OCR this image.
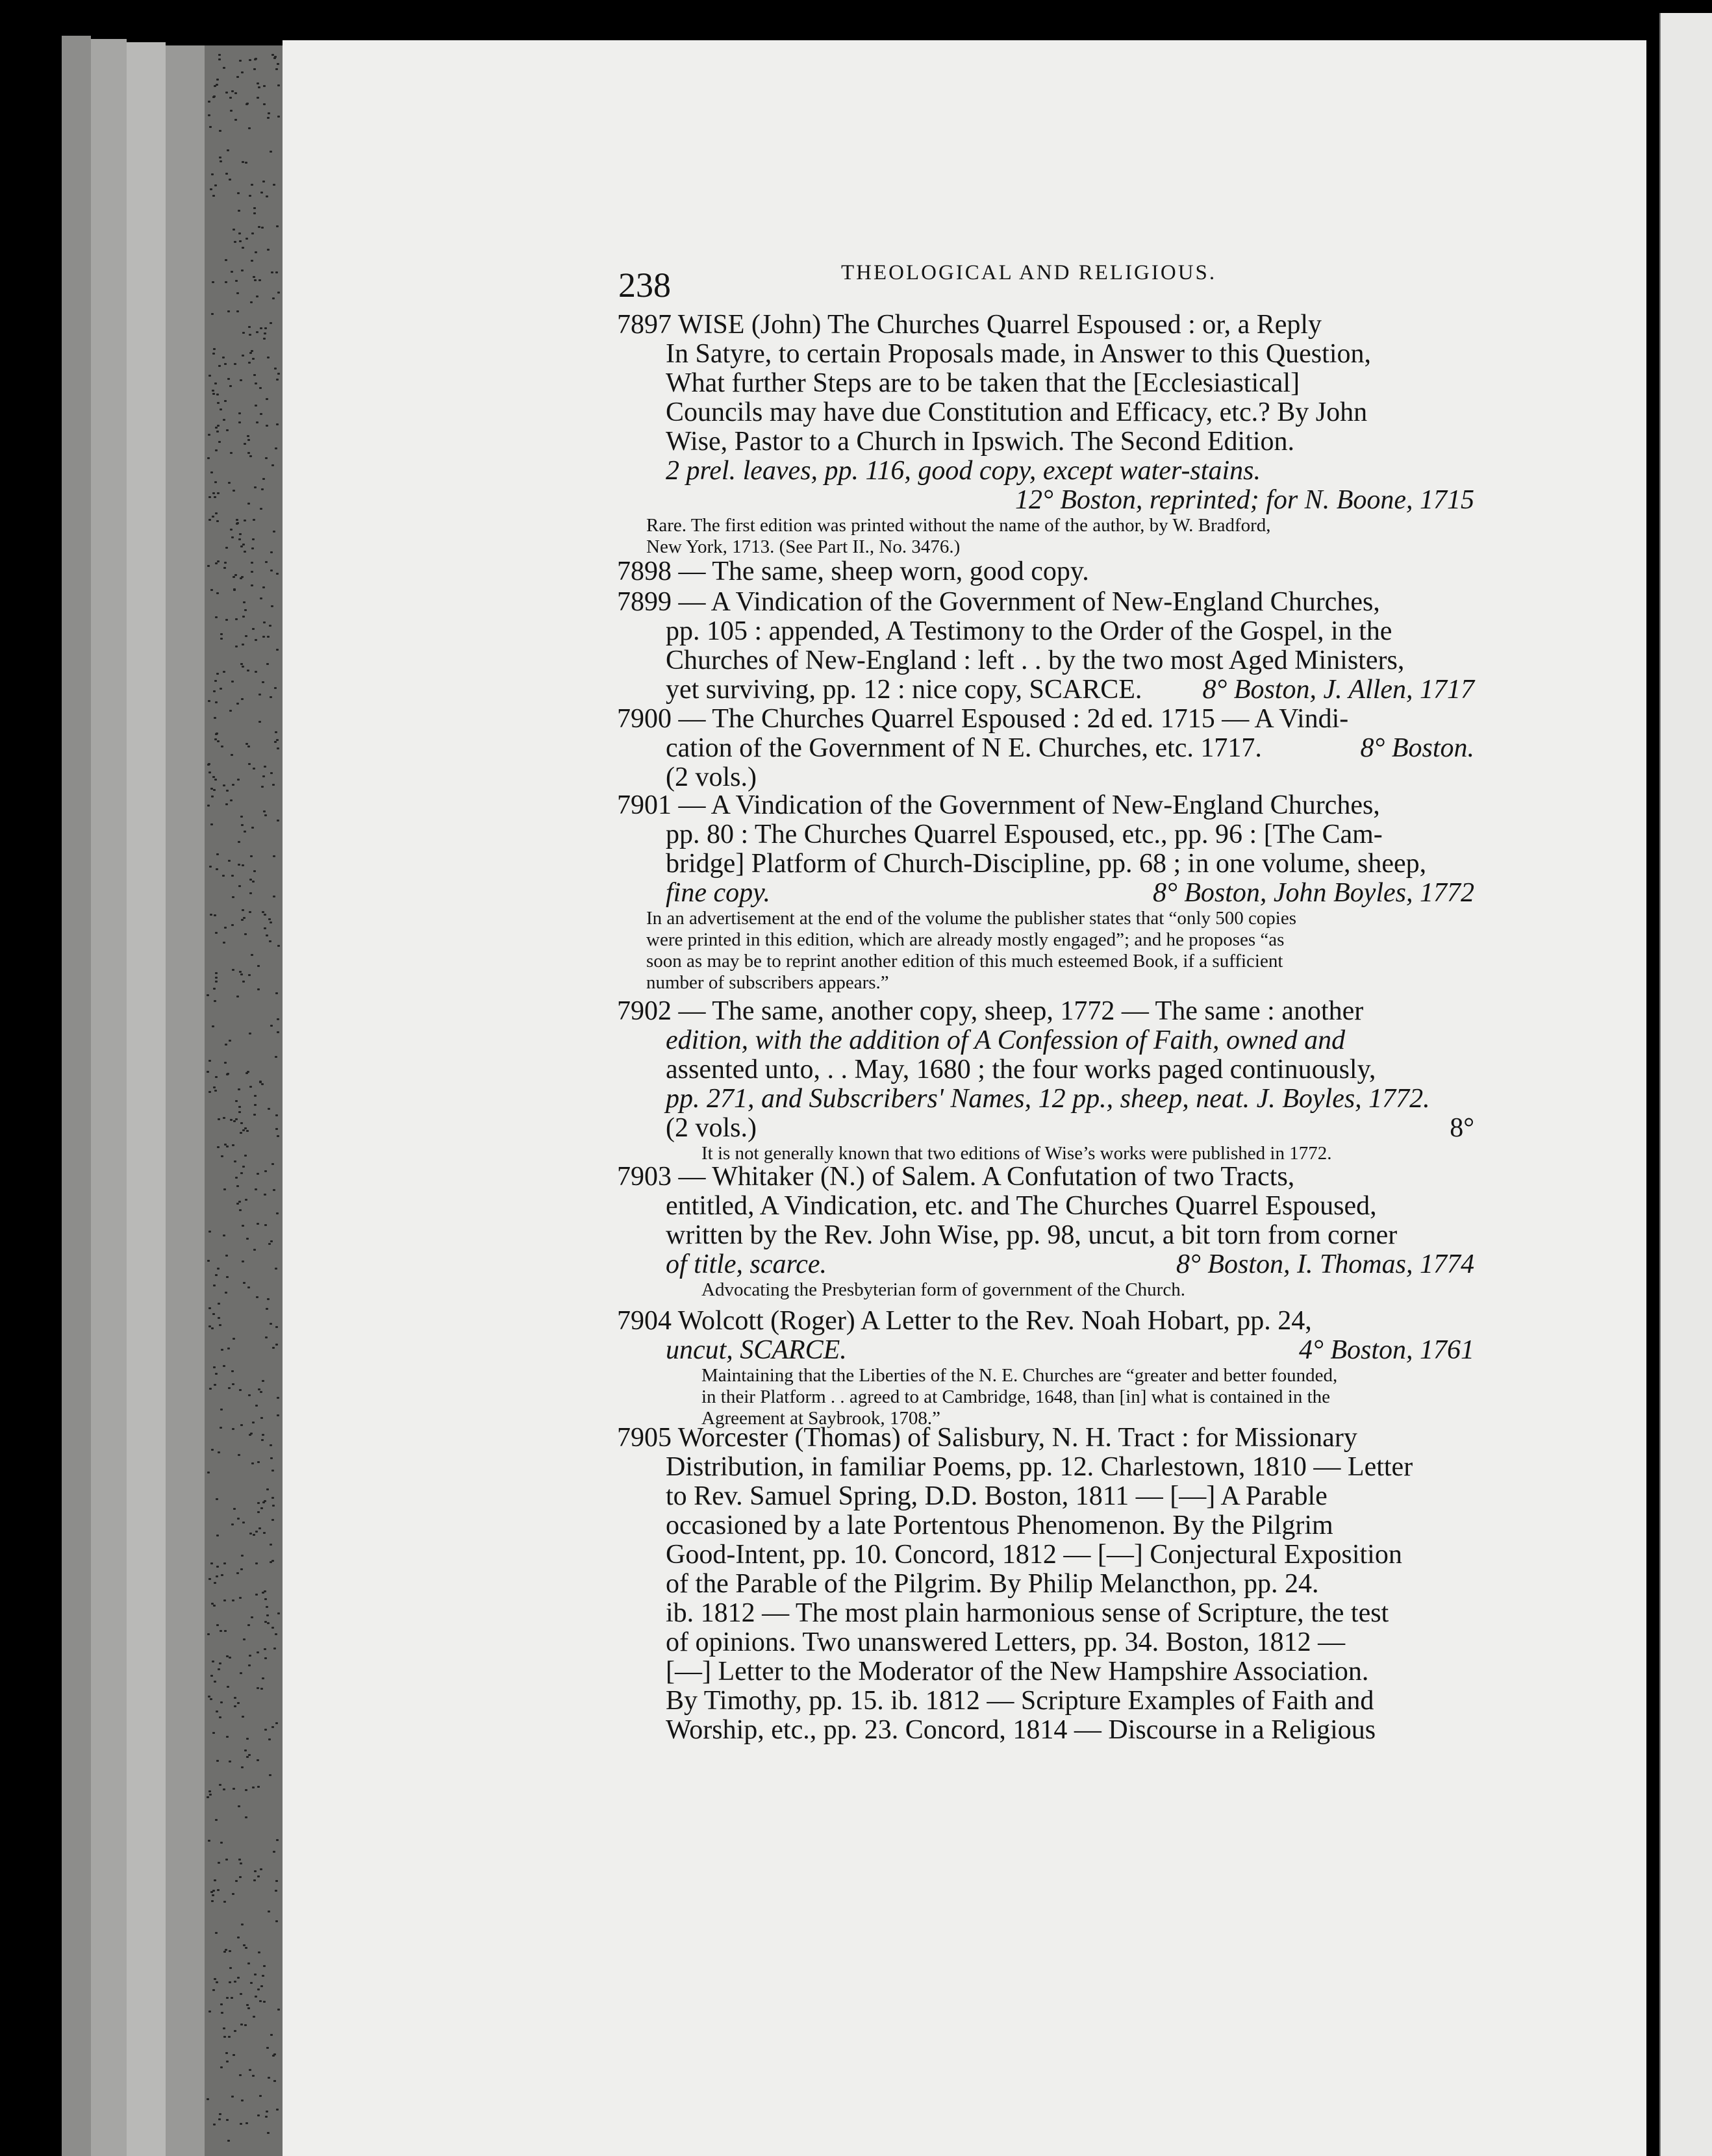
238	THEOLOGICAL AND RELIGIOUS.
7897 WISE (John) The Churches Quarrel Espoused : or, a Reply
In Satyre, to certain Proposals made, in Answer to this Question,
What further Steps are to be taken that the [Ecclesiastical]
Councils may have due Constitution and Efficacy, etc.? By John
Wise, Pastor to a Church in Ipswich. The Second Edition.
2 prel. leaves, pp. 116, good copy, except water-stains.
12° Boston, reprinted; for N. Boone, 1715
Rare. The first edition was printed without the name of the author, by W. Bradford,
New York, 1713. (See Part II., No. 3476.)
7898 — The same, sheep worn, good copy.
7899 — A Vindication of the Government of New-England Churches,
pp. 105 : appended, A Testimony to the Order of the Gospel, in the
Churches of New-England : left . . by the two most Aged Ministers,
yet surviving, pp. 12 : nice copy, SCARCE. 8° Boston, J. Allen, 1717
7900 — The Churches Quarrel Espoused : 2d ed. 1715 — A Vindi-
cation of the Government of N E. Churches, etc. 1717.	8° Boston.
(2 vols.)
7901 — A Vindication of the Government of New-England Churches,
pp. 80 : The Churches Quarrel Espoused, etc., pp. 96 : [The Cam-
bridge] Platform of Church-Discipline, pp. 68 ; in one volume, sheep,
fine copy.	8° Boston, John Boyles, 1772
In an advertisement at the end of the volume the publisher states that “only 500 copies
were printed in this edition, which are already mostly engaged”; and he proposes “as
soon as may be to reprint another edition of this much esteemed Book, if a sufficient
number of subscribers appears.”
7902 — The same, another copy, sheep, 1772 — The same : another
edition, with the addition of A Confession of Faith, owned and
assented unto, . . May, 1680 ; the four works paged continuously,
pp. 271, and Subscribers' Names, 12 pp., sheep, neat. J. Boyles, 1772.
(2 vols.)	8°
It is not generally known that two editions of Wise’s works were published in 1772.
7903 — Whitaker (N.) of Salem. A Confutation of two Tracts,
entitled, A Vindication, etc. and The Churches Quarrel Espoused,
written by the Rev. John Wise, pp. 98, uncut, a bit torn from corner
of title, scarce.	8° Boston, I. Thomas, 1774
Advocating the Presbyterian form of government of the Church.
7904 Wolcott (Roger) A Letter to the Rev. Noah Hobart, pp. 24,
uncut, SCARCE.	4° Boston, 1761
Maintaining that the Liberties of the N. E. Churches are “greater and better founded,
in their Platform . . agreed to at Cambridge, 1648, than [in] what is contained in the
Agreement at Saybrook, 1708.”
7905 Worcester (Thomas) of Salisbury, N. H. Tract : for Missionary
Distribution, in familiar Poems, pp. 12. Charlestown, 1810 — Letter
to Rev. Samuel Spring, D.D. Boston, 1811 — [—] A Parable
occasioned by a late Portentous Phenomenon. By the Pilgrim
Good-Intent, pp. 10. Concord, 1812 — [—] Conjectural Exposition
of the Parable of the Pilgrim. By Philip Melancthon, pp. 24.
ib. 1812 — The most plain harmonious sense of Scripture, the test
of opinions. Two unanswered Letters, pp. 34. Boston, 1812 —
[—] Letter to the Moderator of the New Hampshire Association.
By Timothy, pp. 15. ib. 1812 — Scripture Examples of Faith and
Worship, etc., pp. 23. Concord, 1814 — Discourse in a Religious
